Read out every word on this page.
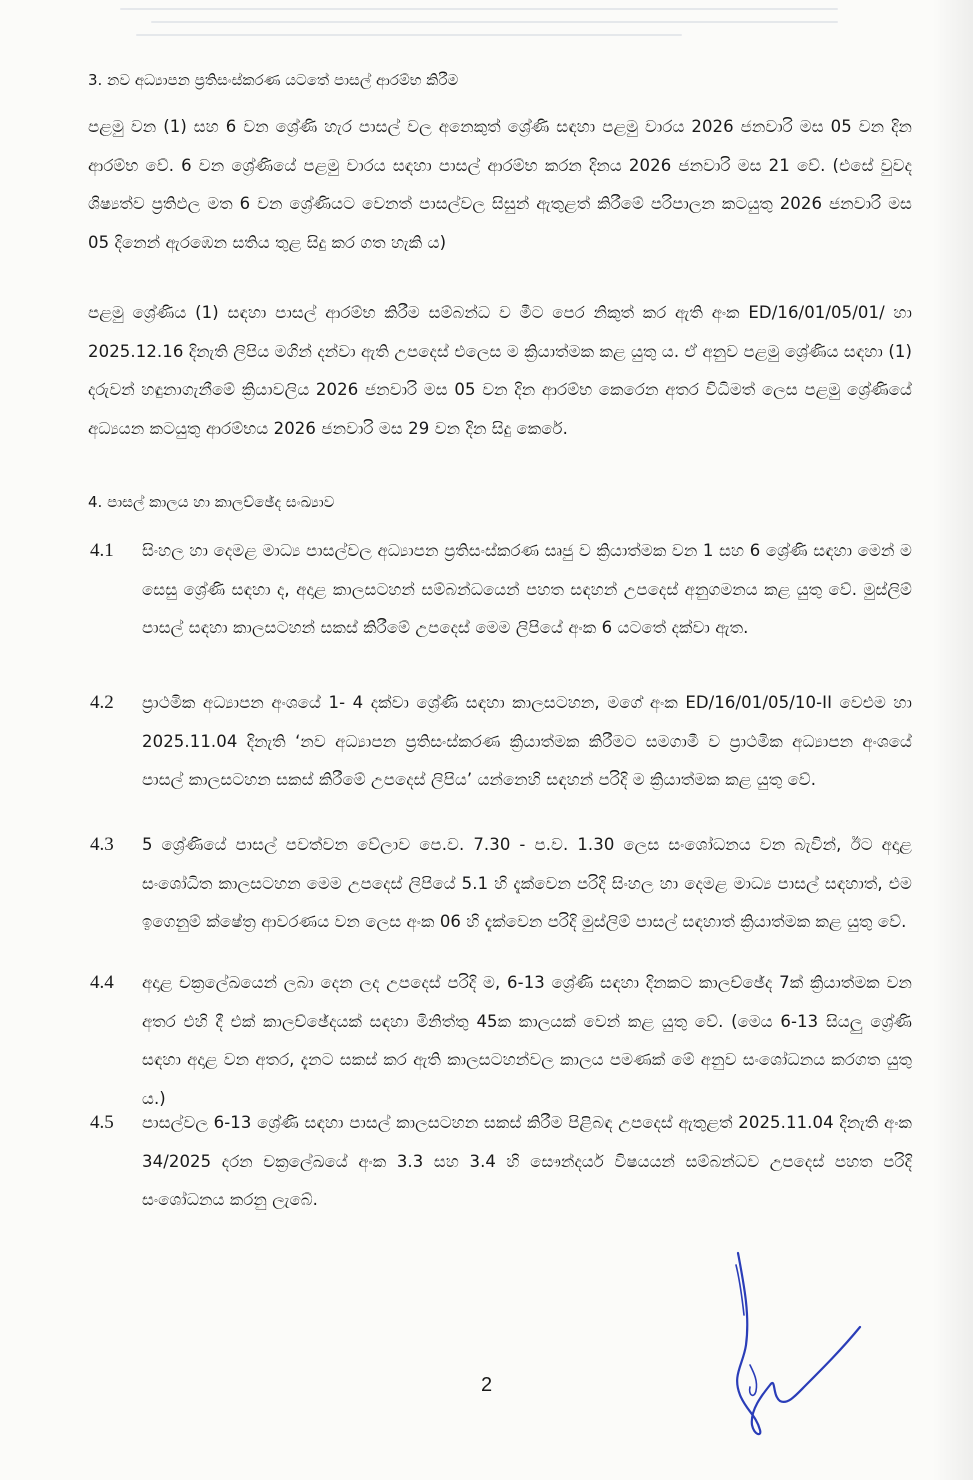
3. නව අධ්‍යාපන ප්‍රතිසංස්කරණ යටතේ පාසල් ආරම්භ කිරීම

පළමු වන (1) සහ 6 වන ශ්‍රේණි හැර පාසල් වල අනෙකුත් ශ්‍රේණි සඳහා පළමු වාරය 2026 ජනවාරි මස 05 වන දින ආරම්භ වේ. 6 වන ශ්‍රේණියේ පළමු වාරය සඳහා පාසල් ආරම්භ කරන දිනය 2026 ජනවාරි මස 21 වේ. (එසේ වුවද ශිෂ්‍යත්ව ප්‍රතිඵල මත 6 වන ශ්‍රේණියට වෙනත් පාසල්වල සිසුන් ඇතුළත් කිරීමේ පරිපාලන කටයුතු 2026 ජනවාරි මස 05 දිනෙන් ඇරඹෙන සතිය තුළ සිදු කර ගත හැකි ය)

පළමු ශ්‍රේණිය (1) සඳහා පාසල් ආරම්භ කිරීම සම්බන්ධ ව මීට පෙර නිකුත් කර ඇති අංක ED/16/01/05/01/ හා 2025.12.16 දිනැති ලිපිය මගින් දන්වා ඇති උපදෙස් එලෙස ම ක්‍රියාත්මක කළ යුතු ය. ඒ අනුව පළමු ශ්‍රේණිය සඳහා (1) දරුවන් හඳුනාගැනීමේ ක්‍රියාවලිය 2026 ජනවාරි මස 05 වන දින ආරම්භ කෙරෙන අතර විධිමත් ලෙස පළමු ශ්‍රේණියේ අධ්‍යයන කටයුතු ආරම්භය 2026 ජනවාරි මස 29 වන දින සිදු කෙරේ.

4. පාසල් කාලය හා කාලච්ඡේද සංඛ්‍යාව
4.1 සිංහල හා දෙමළ මාධ්‍ය පාසල්වල අධ්‍යාපන ප්‍රතිසංස්කරණ සෘජු ව ක්‍රියාත්මක වන 1 සහ 6 ශ්‍රේණි සඳහා මෙන් ම සෙසු ශ්‍රේණි සඳහා ද, අදාළ කාලසටහන් සම්බන්ධයෙන් පහත සඳහන් උපදෙස් අනුගමනය කළ යුතු වේ. මුස්ලිම් පාසල් සඳහා කාලසටහන් සකස් කිරීමේ උපදෙස් මෙම ලිපියේ අංක 6 යටතේ දක්වා ඇත.
4.2 ප්‍රාථමික අධ්‍යාපන අංශයේ 1- 4 දක්වා ශ්‍රේණි සඳහා කාලසටහන, මගේ අංක ED/16/01/05/10-II වෙඑම හා 2025.11.04 දිනැති ‘නව අධ්‍යාපන ප්‍රතිසංස්කරණ ක්‍රියාත්මක කිරීමට සමගාමී ව ප්‍රාථමික අධ්‍යාපන අංශයේ පාසල් කාලසටහන සකස් කිරීමේ උපදෙස් ලිපිය’ යන්නෙහි සඳහන් පරිදි ම ක්‍රියාත්මක කළ යුතු වේ.
4.3 5 ශ්‍රේණියේ පාසල් පවත්වන වේලාව පෙ.ව. 7.30 - ප.ව. 1.30 ලෙස සංශෝධනය වන බැවින්, ඊට අදාළ සංශෝධිත කාලසටහන මෙම උපදෙස් ලිපියේ 5.1 හි දැක්වෙන පරිදි සිංහල හා දෙමළ මාධ්‍ය පාසල් සඳහාත්, එම ඉගෙනුම් ක්ෂේත්‍ර ආවරණය වන ලෙස අංක 06 හි දැක්වෙන පරිදි මුස්ලිම් පාසල් සඳහාත් ක්‍රියාත්මක කළ යුතු වේ.
4.4 අදාළ චක්‍රලේඛයෙන් ලබා දෙන ලද උපදෙස් පරිදි ම, 6-13 ශ්‍රේණි සඳහා දිනකට කාලච්ඡේද 7ක් ක්‍රියාත්මක වන අතර එහි දී එක් කාලච්ඡේදයක් සඳහා මිනිත්තු 45ක කාලයක් වෙන් කළ යුතු වේ. (මෙය 6-13 සියලු ශ්‍රේණි සඳහා අදාළ වන අතර, දැනට සකස් කර ඇති කාලසටහන්වල කාලය පමණක් මේ අනුව සංශෝධනය කරගත යුතු ය.)
4.5 පාසල්වල 6-13 ශ්‍රේණි සඳහා පාසල් කාලසටහන සකස් කිරීම පිළිබඳ උපදෙස් ඇතුළත් 2025.11.04 දිනැති අංක 34/2025 දරන චක්‍රලේඛයේ අංක 3.3 සහ 3.4 හි සෞන්දර්ය විෂයයන් සම්බන්ධව උපදෙස් පහත පරිදි සංශෝධනය කරනු ලැබේ.
2
